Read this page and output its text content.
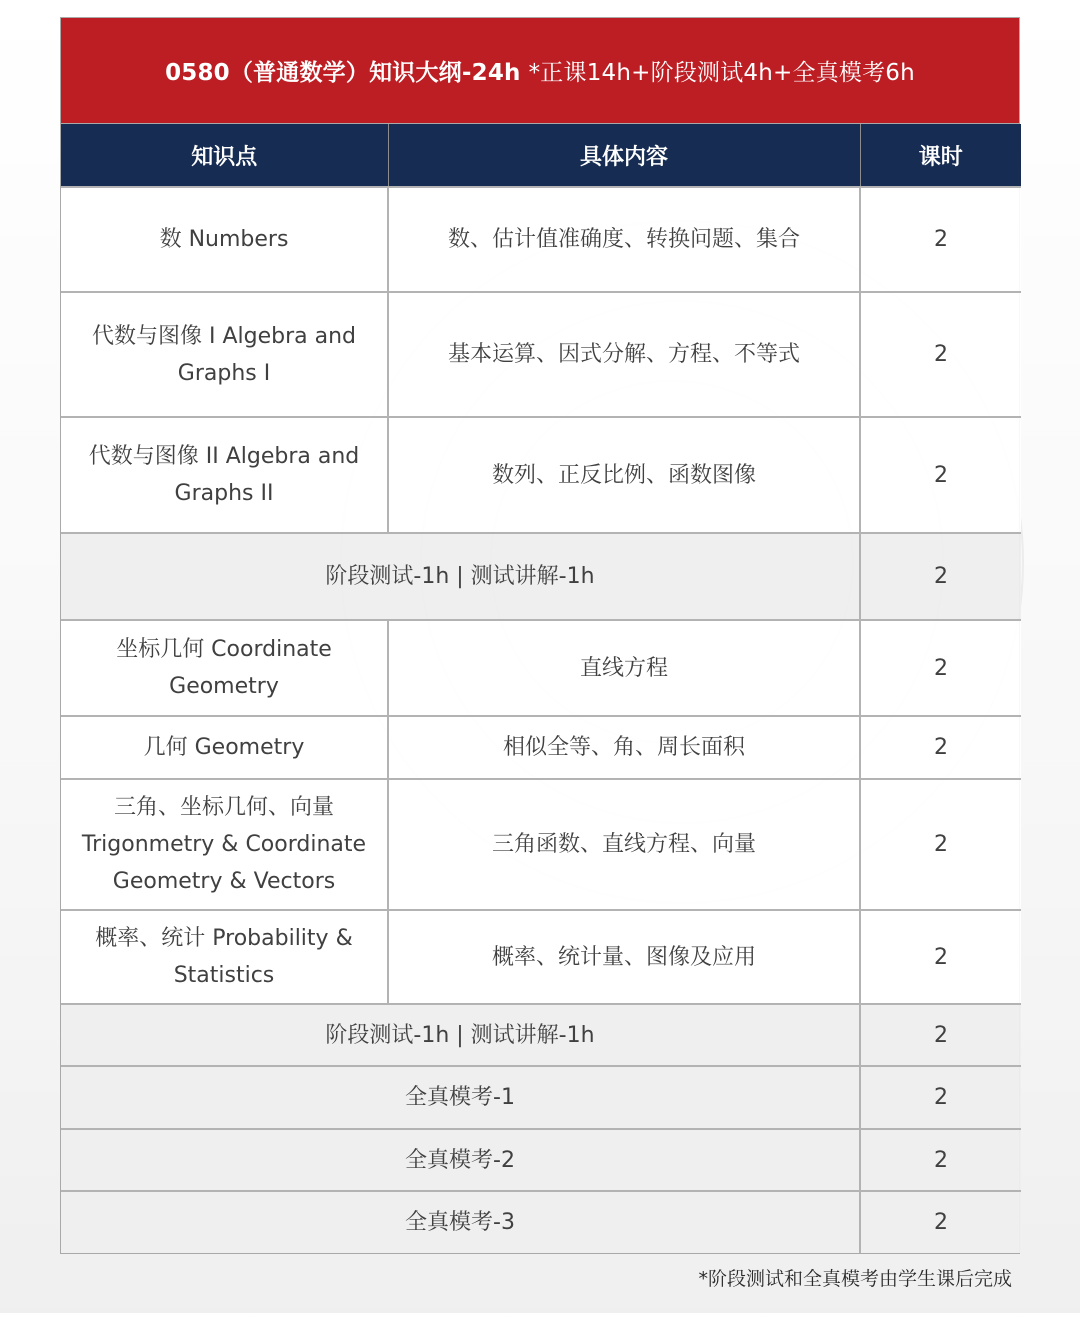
0580（普通数学）知识大纲-24h *正课14h+阶段测试4h+全真模考6h
知识点	具体内容	课时
数 Numbers	数、估计值准确度、转换问题、集合	2
代数与图像 I Algebra and Graphs I	基本运算、因式分解、方程、不等式	2
代数与图像 II Algebra and Graphs II	数列、正反比例、函数图像	2
阶段测试-1h | 测试讲解-1h		2
坐标几何 Coordinate Geometry	直线方程	2
几何 Geometry	相似全等、角、周长面积	2
三角、坐标几何、向量 Trigonmetry & Coordinate Geometry & Vectors	三角函数、直线方程、向量	2
概率、统计 Probability & Statistics	概率、统计量、图像及应用	2
阶段测试-1h | 测试讲解-1h		2
全真模考-1		2
全真模考-2		2
全真模考-3		2
*阶段测试和全真模考由学生课后完成
